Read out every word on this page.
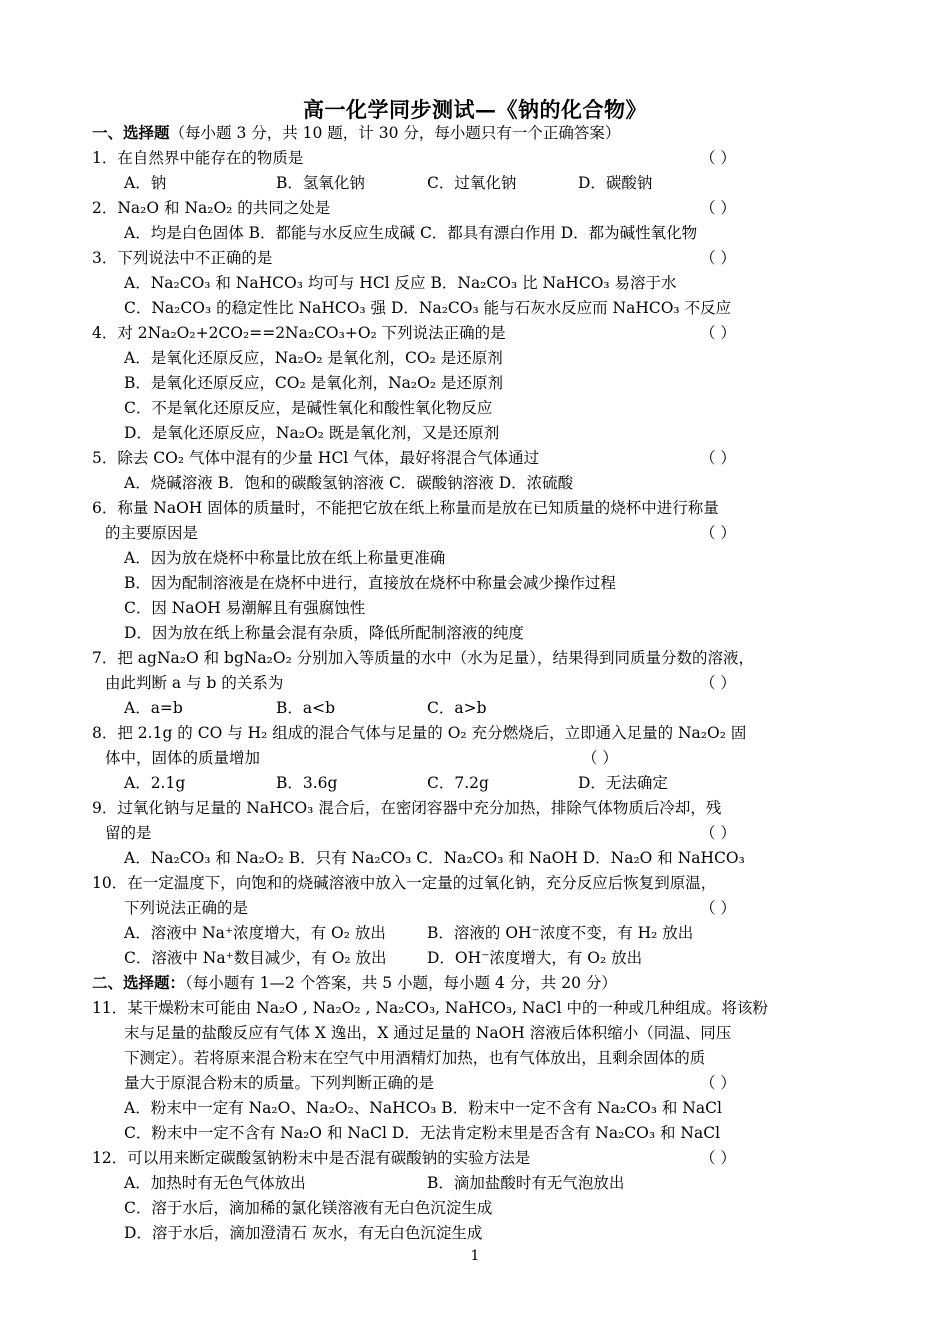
高一化学同步测试—《钠的化合物》
一、选择题（每小题 3 分，共 10 题，计 30 分，每小题只有一个正确答案）
1．在自然界中能存在的物质是	（ ）
A．钠	B．氢氧化钠	C．过氧化钠	D．碳酸钠
2．Na₂O 和 Na₂O₂ 的共同之处是	（ ）
A．均是白色固体 B．都能与水反应生成碱 C．都具有漂白作用 D．都为碱性氧化物
3．下列说法中不正确的是	（ ）
A．Na₂CO₃ 和 NaHCO₃ 均可与 HCl 反应 B．Na₂CO₃ 比 NaHCO₃ 易溶于水
C．Na₂CO₃ 的稳定性比 NaHCO₃ 强 D．Na₂CO₃ 能与石灰水反应而 NaHCO₃ 不反应
4．对 2Na₂O₂+2CO₂==2Na₂CO₃+O₂ 下列说法正确的是	（ ）
A．是氧化还原反应，Na₂O₂ 是氧化剂，CO₂ 是还原剂
B．是氧化还原反应，CO₂ 是氧化剂，Na₂O₂ 是还原剂
C．不是氧化还原反应，是碱性氧化和酸性氧化物反应
D．是氧化还原反应，Na₂O₂ 既是氧化剂，又是还原剂
5．除去 CO₂ 气体中混有的少量 HCl 气体，最好将混合气体通过	（ ）
A．烧碱溶液 B．饱和的碳酸氢钠溶液 C．碳酸钠溶液 D．浓硫酸
6．称量 NaOH 固体的质量时，不能把它放在纸上称量而是放在已知质量的烧杯中进行称量
的主要原因是	（ ）
A．因为放在烧杯中称量比放在纸上称量更准确
B．因为配制溶液是在烧杯中进行，直接放在烧杯中称量会减少操作过程
C．因 NaOH 易潮解且有强腐蚀性
D．因为放在纸上称量会混有杂质，降低所配制溶液的纯度
7．把 agNa₂O 和 bgNa₂O₂ 分别加入等质量的水中（水为足量），结果得到同质量分数的溶液，
由此判断 a 与 b 的关系为	（ ）
A．a=b	B．a<b	C．a>b
8．把 2.1g 的 CO 与 H₂ 组成的混合气体与足量的 O₂ 充分燃烧后，立即通入足量的 Na₂O₂ 固
体中，固体的质量增加	（ ）
A．2.1g	B．3.6g	C．7.2g	D．无法确定
9．过氧化钠与足量的 NaHCO₃ 混合后，在密闭容器中充分加热，排除气体物质后冷却，残
留的是	（ ）
A．Na₂CO₃ 和 Na₂O₂ B．只有 Na₂CO₃ C．Na₂CO₃ 和 NaOH D．Na₂O 和 NaHCO₃
10．在一定温度下，向饱和的烧碱溶液中放入一定量的过氧化钠，充分反应后恢复到原温，
下列说法正确的是	（ ）
A．溶液中 Na⁺浓度增大，有 O₂ 放出	B．溶液的 OH⁻浓度不变，有 H₂ 放出
C．溶液中 Na⁺数目减少，有 O₂ 放出	D．OH⁻浓度增大，有 O₂ 放出
二、选择题：（每小题有 1—2 个答案，共 5 小题，每小题 4 分，共 20 分）
11．某干燥粉末可能由 Na₂O , Na₂O₂ , Na₂CO₃, NaHCO₃, NaCl 中的一种或几种组成。将该粉
末与足量的盐酸反应有气体 X 逸出，X 通过足量的 NaOH 溶液后体积缩小（同温、同压
下测定）。若将原来混合粉末在空气中用酒精灯加热，也有气体放出，且剩余固体的质
量大于原混合粉末的质量。下列判断正确的是	（ ）
A．粉末中一定有 Na₂O、Na₂O₂、NaHCO₃ B．粉末中一定不含有 Na₂CO₃ 和 NaCl
C．粉末中一定不含有 Na₂O 和 NaCl D．无法肯定粉末里是否含有 Na₂CO₃ 和 NaCl
12．可以用来断定碳酸氢钠粉末中是否混有碳酸钠的实验方法是	（ ）
A．加热时有无色气体放出	B．滴加盐酸时有无气泡放出
C．溶于水后，滴加稀的氯化镁溶液有无白色沉淀生成
D．溶于水后，滴加澄清石 灰水，有无白色沉淀生成
1
